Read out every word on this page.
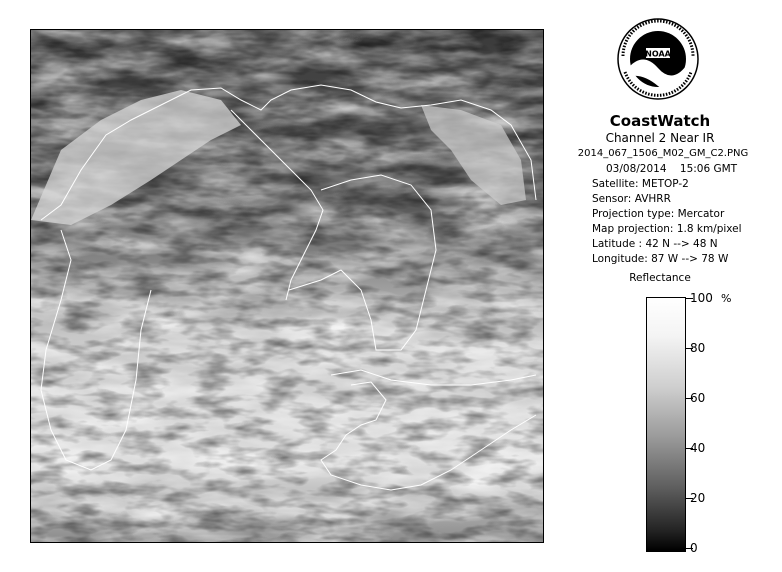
NOAA
CoastWatch
Channel 2 Near IR
2014_067_1506_M02_GM_C2.PNG
03/08/2014 15:06 GMT
Satellite: METOP-2
Sensor: AVHRR
Projection type: Mercator
Map projection: 1.8 km/pixel
Latitude : 42 N --> 48 N
Longitude: 87 W --> 78 W
Reflectance
%
100
80
60
40
20
0
